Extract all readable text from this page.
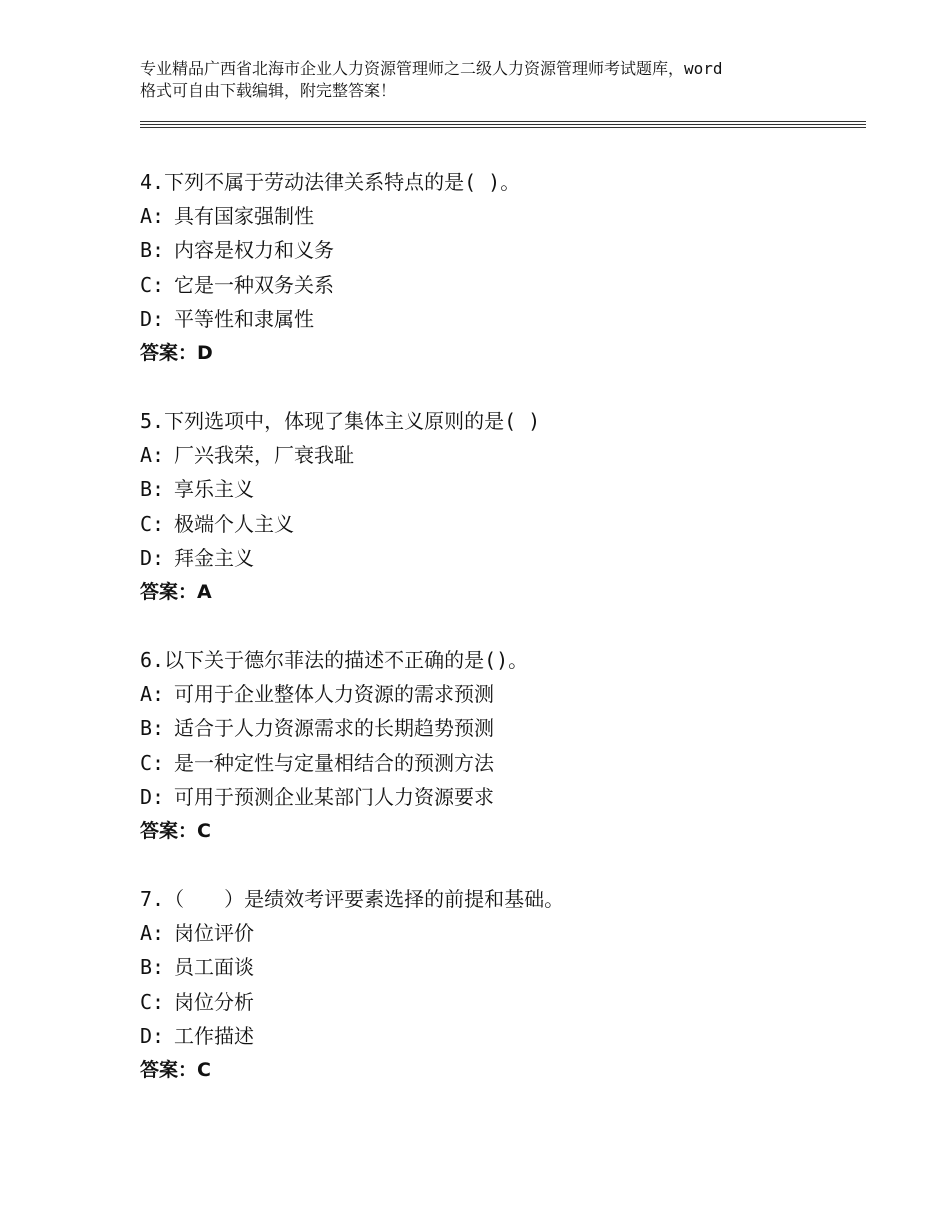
专业精品广西省北海市企业人力资源管理师之二级人力资源管理师考试题库，word
格式可自由下载编辑，附完整答案！
4.下列不属于劳动法律关系特点的是( )。
A: 具有国家强制性
B: 内容是权力和义务
C: 它是一种双务关系
D: 平等性和隶属性
答案：D
5.下列选项中，体现了集体主义原则的是( )
A: 厂兴我荣，厂衰我耻
B: 享乐主义
C: 极端个人主义
D: 拜金主义
答案：A
6.以下关于德尔菲法的描述不正确的是()。
A: 可用于企业整体人力资源的需求预测
B: 适合于人力资源需求的长期趋势预测
C: 是一种定性与定量相结合的预测方法
D: 可用于预测企业某部门人力资源要求
答案：C
7.（　　）是绩效考评要素选择的前提和基础。
A: 岗位评价
B: 员工面谈
C: 岗位分析
D: 工作描述
答案：C
